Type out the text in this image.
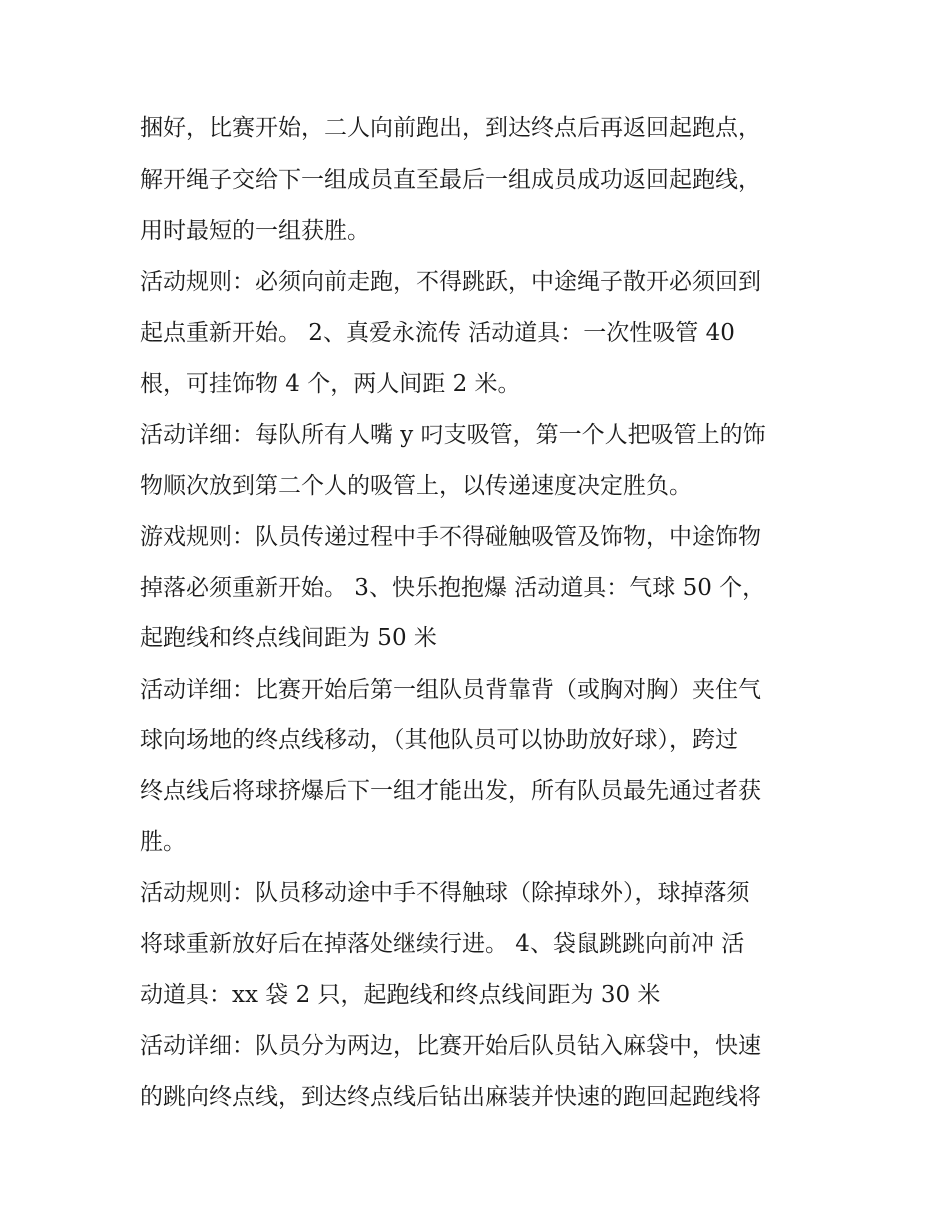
捆好，比赛开始，二人向前跑出，到达终点后再返回起跑点，
解开绳子交给下一组成员直至最后一组成员成功返回起跑线，
用时最短的一组获胜。
活动规则：必须向前走跑，不得跳跃，中途绳子散开必须回到
起点重新开始。 2、真爱永流传 活动道具：一次性吸管 40
根，可挂饰物 4 个，两人间距 2 米。
活动详细：每队所有人嘴 y 叼支吸管，第一个人把吸管上的饰
物顺次放到第二个人的吸管上，以传递速度决定胜负。
游戏规则：队员传递过程中手不得碰触吸管及饰物，中途饰物
掉落必须重新开始。 3、快乐抱抱爆 活动道具：气球 50 个，
起跑线和终点线间距为 50 米
活动详细：比赛开始后第一组队员背靠背（或胸对胸）夹住气
球向场地的终点线移动，（其他队员可以协助放好球），跨过
终点线后将球挤爆后下一组才能出发，所有队员最先通过者获
胜。
活动规则：队员移动途中手不得触球（除掉球外），球掉落须
将球重新放好后在掉落处继续行进。 4、袋鼠跳跳向前冲 活
动道具：xx 袋 2 只，起跑线和终点线间距为 30 米
活动详细：队员分为两边，比赛开始后队员钻入麻袋中，快速
的跳向终点线，到达终点线后钻出麻装并快速的跑回起跑线将
